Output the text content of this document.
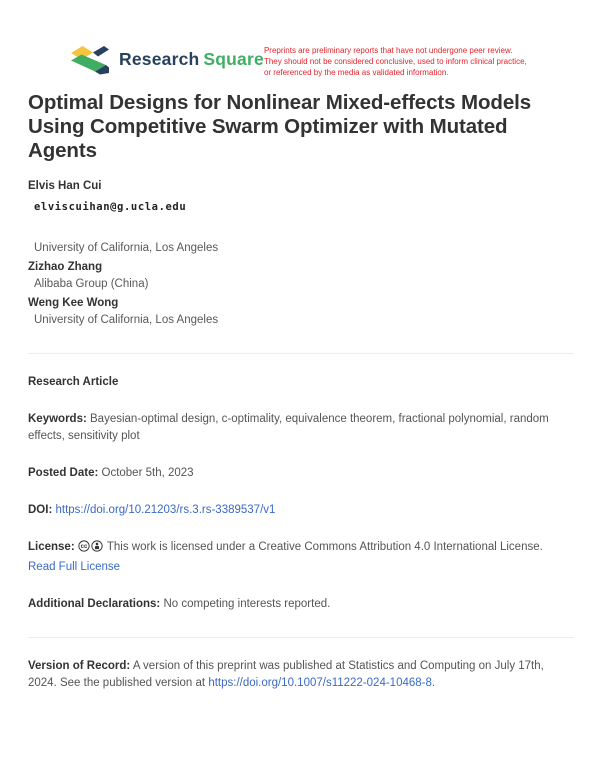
Research Square Preprints are preliminary reports that have not undergone peer review.
They should not be considered conclusive, used to inform clinical practice,
or referenced by the media as validated information.
Optimal Designs for Nonlinear Mixed-effects Models Using Competitive Swarm Optimizer with Mutated Agents
Elvis Han Cui
elviscuihan@g.ucla.edu
University of California, Los Angeles
Zizhao Zhang
Alibaba Group (China)
Weng Kee Wong
University of California, Los Angeles

Research Article

Keywords: Bayesian-optimal design, c-optimality, equivalence theorem, fractional polynomial, random effects, sensitivity plot

Posted Date: October 5th, 2023

DOI: https://doi.org/10.21203/rs.3.rs-3389537/v1

License: cc This work is licensed under a Creative Commons Attribution 4.0 International License.
Read Full License

Additional Declarations: No competing interests reported.

Version of Record: A version of this preprint was published at Statistics and Computing on July 17th, 2024. See the published version at https://doi.org/10.1007/s11222-024-10468-8.
